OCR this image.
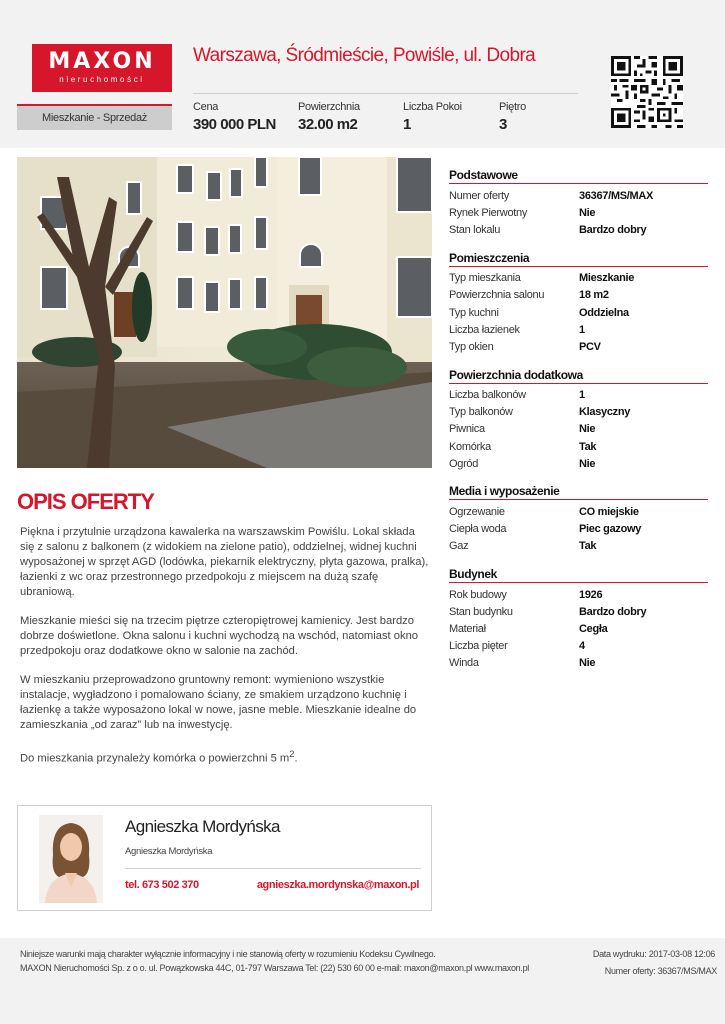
MAXON
nieruchomości
Warszawa, Śródmieście, Powiśle, ul. Dobra
Mieszkanie - Sprzedaż
Cena
390 000 PLN
Powierzchnia
32.00 m2
Liczba Pokoi
1
Piętro
3
OPIS OFERTY

Piękna i przytulnie urządzona kawalerka na warszawskim Powiślu. Lokal składa się z salonu z balkonem (z widokiem na zielone patio), oddzielnej, widnej kuchni wyposażonej w sprzęt AGD (lodówka, piekarnik elektryczny, płyta gazowa, pralka), łazienki z wc oraz przestronnego przedpokoju z miejscem na dużą szafę ubraniową.

Mieszkanie mieści się na trzecim piętrze czteropiętrowej kamienicy. Jest bardzo dobrze doświetlone. Okna salonu i kuchni wychodzą na wschód, natomiast okno przedpokoju oraz dodatkowe okno w salonie na zachód.

W mieszkaniu przeprowadzono gruntowny remont: wymieniono wszystkie instalacje, wygładzono i pomalowano ściany, ze smakiem urządzono kuchnię i łazienkę a także wyposażono lokal w nowe, jasne meble. Mieszkanie idealne do zamieszkania „od zaraz” lub na inwestycję.

Do mieszkania przynależy komórka o powierzchni 5 $m^2$.

Podstawowe
Numer oferty	36367/MS/MAX
Rynek Pierwotny	Nie
Stan lokalu	Bardzo dobry
Pomieszczenia
Typ mieszkania	Mieszkanie
Powierzchnia salonu	18 m2
Typ kuchni	Oddzielna
Liczba łazienek	1
Typ okien	PCV
Powierzchnia dodatkowa
Liczba balkonów	1
Typ balkonów	Klasyczny
Piwnica	Nie
Komórka	Tak
Ogród	Nie
Media i wyposażenie
Ogrzewanie	CO miejskie
Ciepła woda	Piec gazowy
Gaz	Tak
Budynek
Rok budowy	1926
Stan budynku	Bardzo dobry
Materiał	Cegła
Liczba pięter	4
Winda	Nie
Agnieszka Mordyńska
Agnieszka Mordyńska
tel. 673 502 370	agnieszka.mordynska@maxon.pl
Niniejsze warunki mają charakter wyłącznie informacyjny i nie stanowią oferty w rozumieniu Kodeksu Cywilnego.
MAXON Nieruchomości Sp. z o o. ul. Powązkowska 44C, 01-797 Warszawa Tel: (22) 530 60 00 e-mail: maxon@maxon.pl www.maxon.pl
Data wydruku: 2017-03-08 12:06
Numer oferty: 36367/MS/MAX
